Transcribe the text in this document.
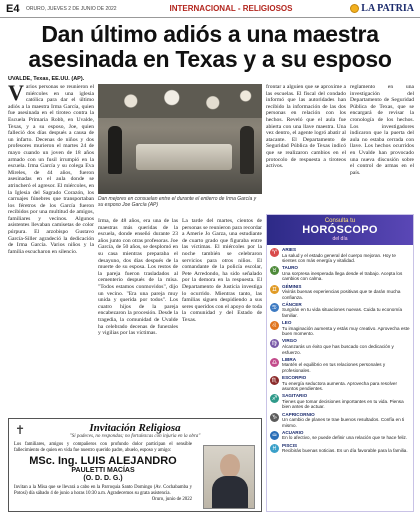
E4	ORURO, JUEVES 2 DE JUNIO DE 2022	INTERNACIONAL - RELIGIOSOS	LA PATRIA
Dan último adiós a una maestra asesinada en Texas y a su esposo
UVALDE, Texas, EE.UU. (AP).
Varios personas se reunieron el miércoles en una iglesia católica para dar el último adiós a la maestra Irma García, quien fue asesinada en el tiroteo contra la Escuela Primaria Robb, en Uvalde, Texas, y a su esposo, Joe, quien falleció dos días después a causa de un infarto. Decenas de niños y dos profesores murieron el martes 24 de mayo cuando un joven de 18 años armado con un fusil irrumpió en la escuela. Irma García y su colega Eva Mireles, de 44 años, fueron asesinadas en el aula donde se atrincheró el agresor. El miércoles, en la Iglesia del Sagrado Corazón, los carruajes fúnebres que transportaban los féretros de los García fueron recibidos por una multitud de amigos, familiares y vecinos. Algunos asistentes llevaban camisetas de color púrpura. El arzobispo Gustavo García-Siller agradeció la dedicación de Irma García. Varios niños y la familia escucharon en silencio.
Dan mejores en consuelan entre el durante el entierro de Irma García y su esposo Joe García (AP)
Irma, de 48 años, era una de las maestras más queridas de la escuela, donde enseñó durante 23 años junto con otras profesoras. Joe García, de 50 años, se desplomó en su casa mientras preparaba el desayuno, dos días después de la muerte de su esposa. Los restos de la pareja fueron trasladados al cementerio después de la misa. "Todos estamos conmovidos", dijo un vecino. "Era una pareja muy unida y querida por todos". Los cuatro hijos de la pareja encabezaron la procesión. Desde la tragedia, la comunidad de Uvalde ha celebrado decenas de funerales y vigilias por las víctimas.
La tarde del martes, cientos de personas se reunieron para recordar a Amerie Jo Garza, una estudiante de cuarto grado que figuraba entre las víctimas. El miércoles por la noche también se celebraron servicios para otros niños. El comandante de la policía escolar, Pete Arredondo, ha sido señalado por la demora en la respuesta. El Departamento de Justicia investiga lo ocurrido. Mientras tanto, las familias siguen despidiendo a sus seres queridos con el apoyo de toda la comunidad y del Estado de Texas.
frontar a alguien que se aproxime a las escuelas. El fiscal del condado informó que las autoridades han recibido la información de las dos personas en relación con los hechos. Reveló que el aula fue abierta con una llave maestra. Una vez dentro, el agente logró abatir al atacante. El Departamento de Seguridad Pública de Texas indicó que se realizaron cambios en el protocolo de respuesta a tiroteos activos.
reglamento en una investigación del Departamento de Seguridad Pública de Texas, que se encargará de revisar la cronología de los hechos. Los investigadores indicaron que la puerta del aula no estaba cerrada con llave. Los hechos ocurridos en Uvalde han provocado una nueva discusión sobre el control de armas en el país.
Consulta tu
HORÓSCOPO
del día
♈	ARIES
La salud y el estado general del cuerpo mejoran. Hoy te sientes con más energía y vitalidad.
♉	TAURO
Una sorpresa inesperada llega desde el trabajo. Acepta los cambios con calma.
♊	GÉMINIS
Vivirás buenas experiencias positivas que te darán mucha confianza.
♋	CÁNCER
Surgirán en tu vida situaciones nuevas. Cuida tu economía familiar.
♌	LEO
Tu imaginación aumenta y estás muy creativo. Aprovecha este buen momento.
♍	VIRGO
Alcanzarás un éxito que has buscado con dedicación y esfuerzo.
♎	LIBRA
Mantén el equilibrio en tus relaciones personales y profesionales.
♏	ESCORPIO
Tu energía seductora aumenta. Aprovecha para resolver asuntos pendientes.
♐	SAGITARIO
Tienes que tomar decisiones importantes en tu vida. Piensa bien antes de actuar.
♑	CAPRICORNIO
Un cambio de planes te trae buenos resultados. Confía en ti mismo.
♒	ACUARIO
En lo afectivo, se puede definir una relación que te hace feliz.
♓	PISCIS
Recibirás buenas noticias. Es un día favorable para la familia.
✝	Invitación Religiosa
"Si padeces, no respondas; no fortalezcas con injuria en la obra"
Los familiares, amigos y compañeros con profundo dolor participan el sensible fallecimiento de quien en vida fue nuestro querido padre, abuelo, esposo y amigo:
MSc. Ing. LUIS ALEJANDRO
PAULETTI MACÍAS
(O. D. D. G.)
Invitan a la Misa que se llevará a cabo en la Parroquia Santo Domingo (Av. Cochabamba y Potosí) día sábado 4 de junio a horas 10:30 a.m. Agradecemos su grata asistencia.
Oruro, junio de 2022
